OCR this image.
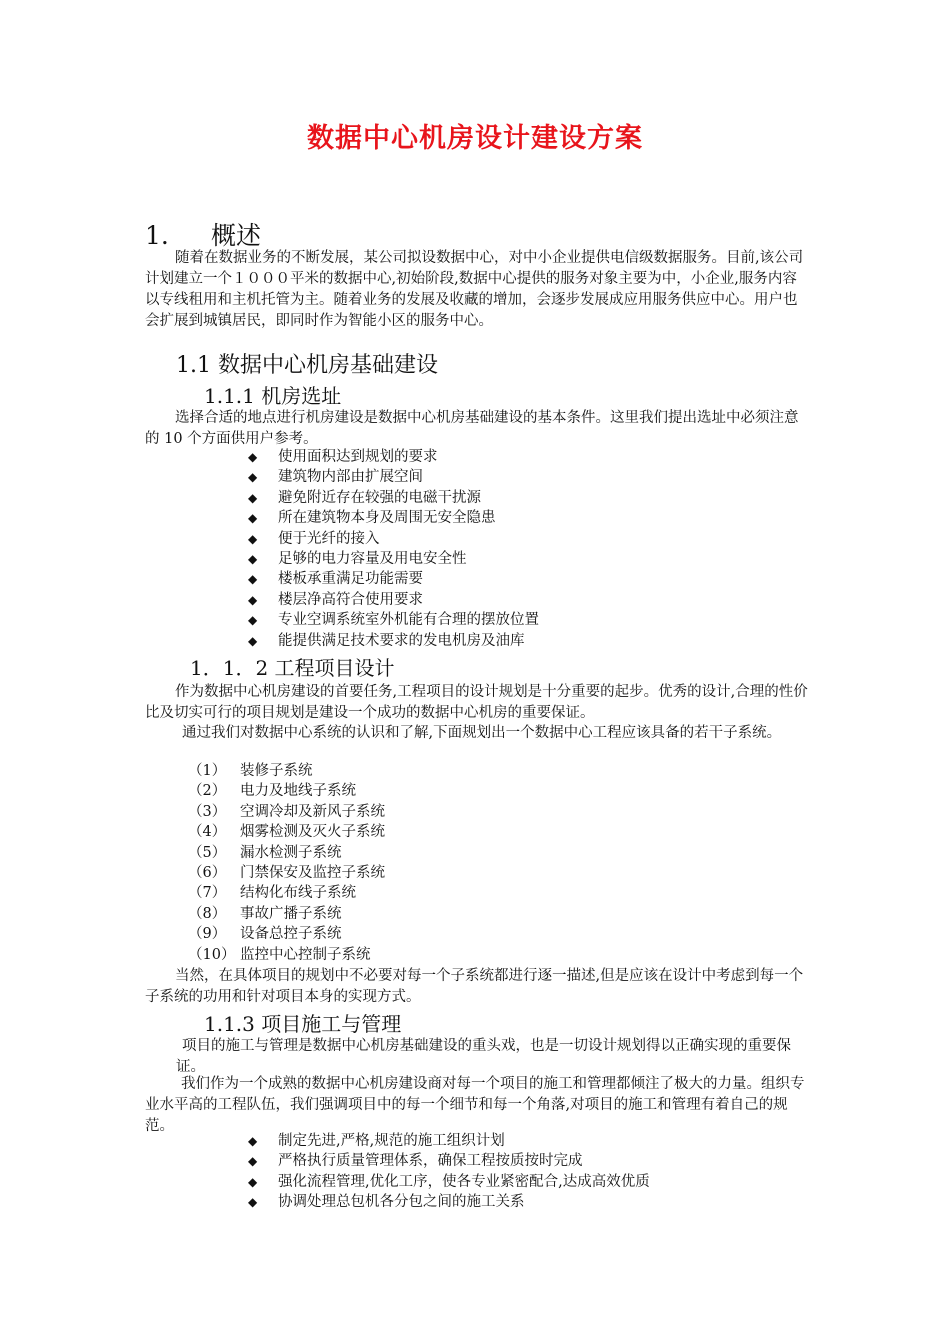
数据中心机房设计建设方案
1. 概述

随着在数据业务的不断发展，某公司拟设数据中心，对中小企业提供电信级数据服务。目前,该公司计划建立一个１０００平米的数据中心,初始阶段,数据中心提供的服务对象主要为中，小企业,服务内容以专线租用和主机托管为主。随着业务的发展及收藏的增加，会逐步发展成应用服务供应中心。用户也会扩展到城镇居民，即同时作为智能小区的服务中心。

1.1 数据中心机房基础建设
1.1.1 机房选址

选择合适的地点进行机房建设是数据中心机房基础建设的基本条件。这里我们提出选址中必须注意的 10 个方面供用户参考。

◆ 使用面积达到规划的要求
◆ 建筑物内部由扩展空间
◆ 避免附近存在较强的电磁干扰源
◆ 所在建筑物本身及周围无安全隐患
◆ 便于光纤的接入
◆ 足够的电力容量及用电安全性
◆ 楼板承重满足功能需要
◆ 楼层净高符合使用要求
◆ 专业空调系统室外机能有合理的摆放位置
◆ 能提供满足技术要求的发电机房及油库
1．1．2 工程项目设计

作为数据中心机房建设的首要任务,工程项目的设计规划是十分重要的起步。优秀的设计,合理的性价比及切实可行的项目规划是建设一个成功的数据中心机房的重要保证。

通过我们对数据中心系统的认识和了解,下面规划出一个数据中心工程应该具备的若干子系统。

（1） 装修子系统
（2） 电力及地线子系统
（3） 空调冷却及新风子系统
（4） 烟雾检测及灭火子系统
（5） 漏水检测子系统
（6） 门禁保安及监控子系统
（7） 结构化布线子系统
（8） 事故广播子系统
（9） 设备总控子系统
（10） 监控中心控制子系统

当然，在具体项目的规划中不必要对每一个子系统都进行逐一描述,但是应该在设计中考虑到每一个子系统的功用和针对项目本身的实现方式。

1.1.3 项目施工与管理

项目的施工与管理是数据中心机房基础建设的重头戏，也是一切设计规划得以正确实现的重要保证。

我们作为一个成熟的数据中心机房建设商对每一个项目的施工和管理都倾注了极大的力量。组织专业水平高的工程队伍，我们强调项目中的每一个细节和每一个角落,对项目的施工和管理有着自己的规范。

◆ 制定先进,严格,规范的施工组织计划
◆ 严格执行质量管理体系，确保工程按质按时完成
◆ 强化流程管理,优化工序，使各专业紧密配合,达成高效优质
◆ 协调处理总包机各分包之间的施工关系
